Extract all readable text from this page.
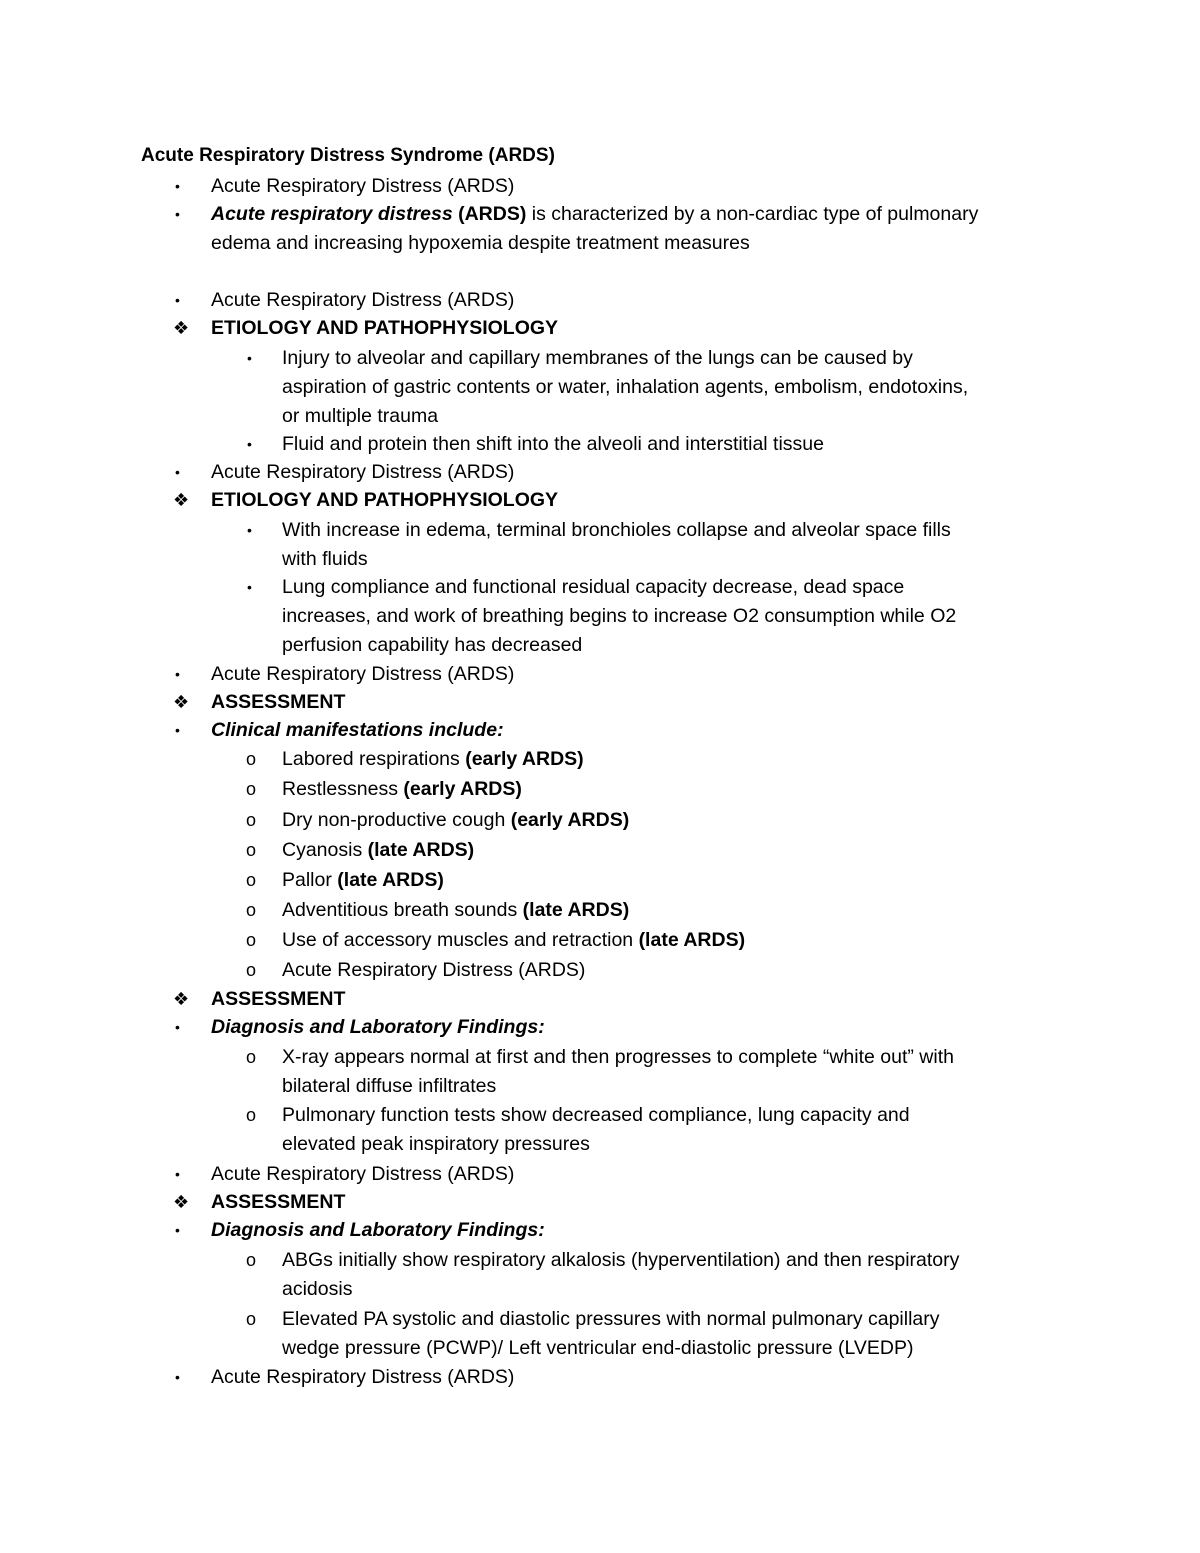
Acute Respiratory Distress Syndrome (ARDS)
• Acute Respiratory Distress (ARDS)
• Acute respiratory distress (ARDS) is characterized by a non-cardiac type of pulmonary
edema and increasing hypoxemia despite treatment measures
• Acute Respiratory Distress (ARDS)
❖ ETIOLOGY AND PATHOPHYSIOLOGY
• Injury to alveolar and capillary membranes of the lungs can be caused by
aspiration of gastric contents or water, inhalation agents, embolism, endotoxins,
or multiple trauma
• Fluid and protein then shift into the alveoli and interstitial tissue
• Acute Respiratory Distress (ARDS)
❖ ETIOLOGY AND PATHOPHYSIOLOGY
• With increase in edema, terminal bronchioles collapse and alveolar space fills
with fluids
• Lung compliance and functional residual capacity decrease, dead space
increases, and work of breathing begins to increase O2 consumption while O2
perfusion capability has decreased
• Acute Respiratory Distress (ARDS)
❖ ASSESSMENT
• Clinical manifestations include:
o Labored respirations (early ARDS)
o Restlessness (early ARDS)
o Dry non-productive cough (early ARDS)
o Cyanosis (late ARDS)
o Pallor (late ARDS)
o Adventitious breath sounds (late ARDS)
o Use of accessory muscles and retraction (late ARDS)
o Acute Respiratory Distress (ARDS)
❖ ASSESSMENT
• Diagnosis and Laboratory Findings:
o X-ray appears normal at first and then progresses to complete “white out” with
bilateral diffuse infiltrates
o Pulmonary function tests show decreased compliance, lung capacity and
elevated peak inspiratory pressures
• Acute Respiratory Distress (ARDS)
❖ ASSESSMENT
• Diagnosis and Laboratory Findings:
o ABGs initially show respiratory alkalosis (hyperventilation) and then respiratory
acidosis
o Elevated PA systolic and diastolic pressures with normal pulmonary capillary
wedge pressure (PCWP)/ Left ventricular end-diastolic pressure (LVEDP)
• Acute Respiratory Distress (ARDS)
